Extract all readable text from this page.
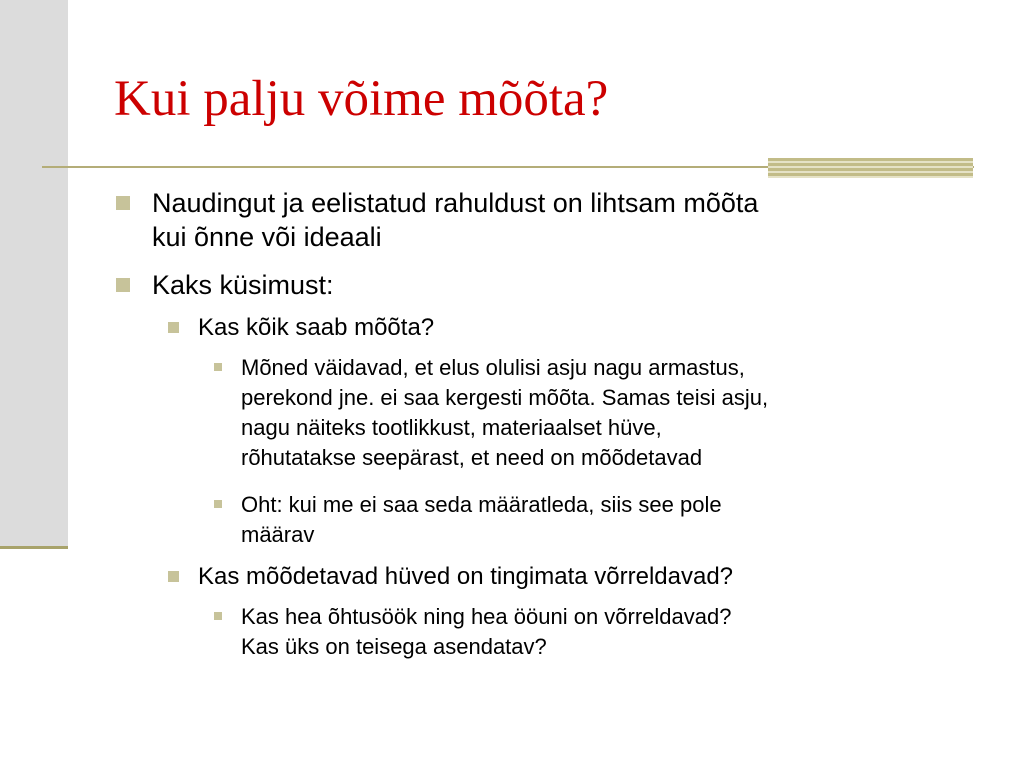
Kui palju võime mõõta?
Naudingut ja eelistatud rahuldust on lihtsam mõõta
kui õnne või ideaali
Kaks küsimust:
Kas kõik saab mõõta?
Mõned väidavad, et elus olulisi asju nagu armastus,
perekond jne. ei saa kergesti mõõta. Samas teisi asju,
nagu näiteks tootlikkust, materiaalset hüve,
rõhutatakse seepärast, et need on mõõdetavad
Oht: kui me ei saa seda määratleda, siis see pole
määrav
Kas mõõdetavad hüved on tingimata võrreldavad?
Kas hea õhtusöök ning hea ööuni on võrreldavad?
Kas üks on teisega asendatav?
